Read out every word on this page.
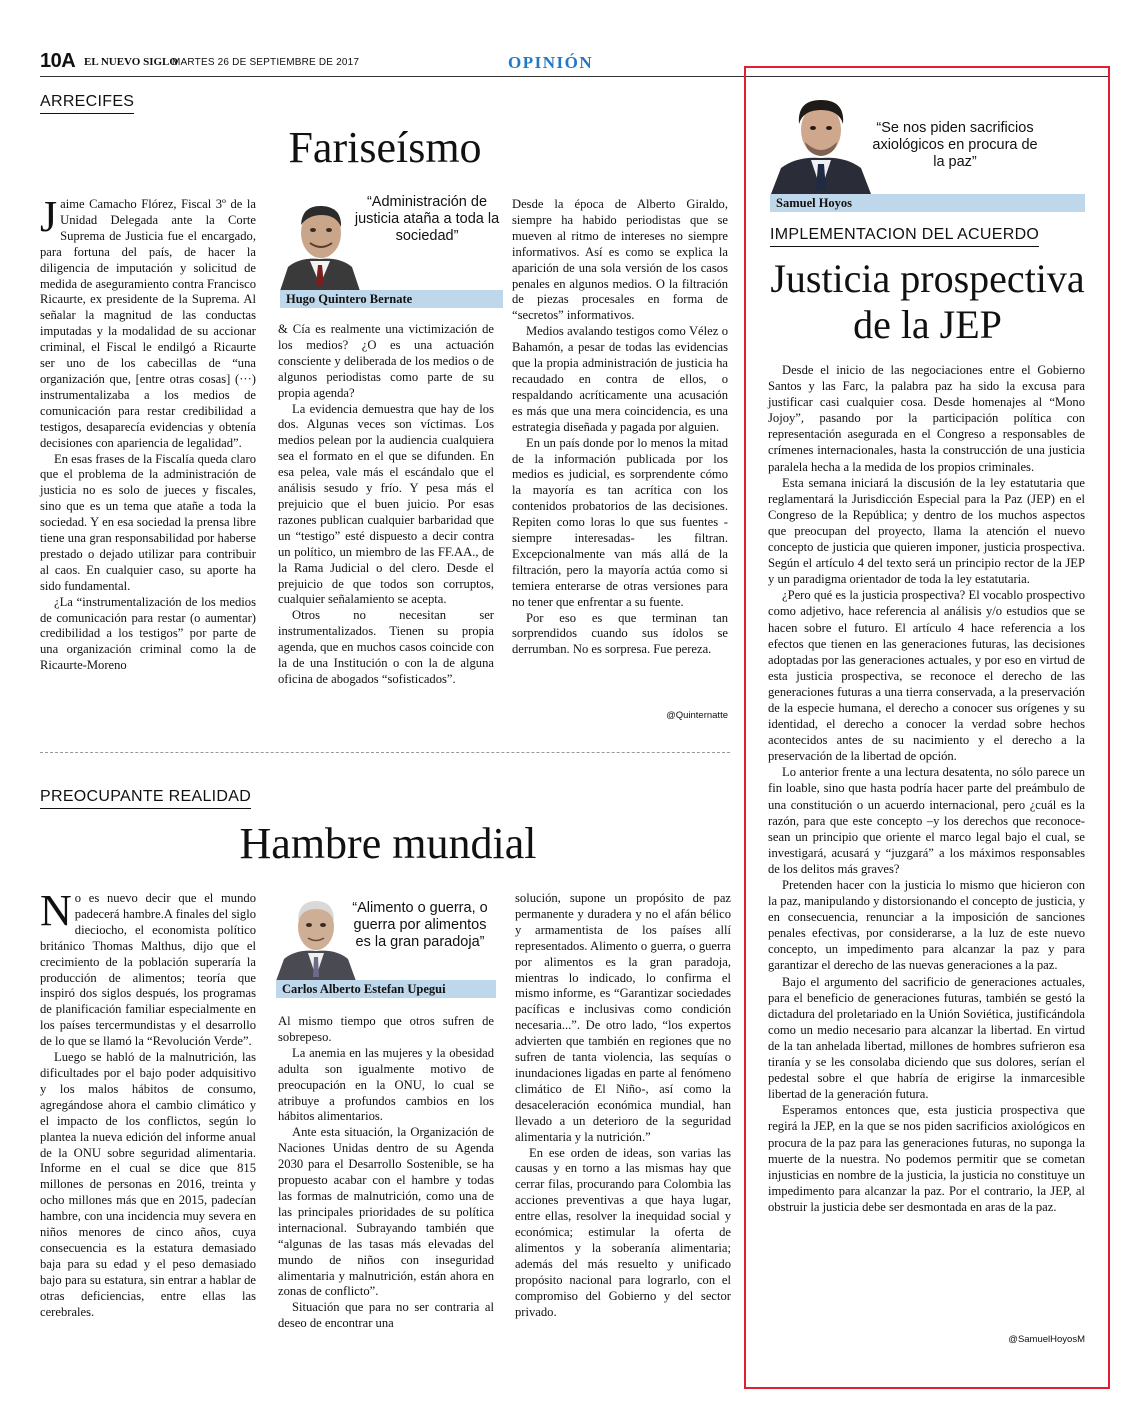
10A EL NUEVO SIGLO
MARTES 26 DE SEPTIEMBRE DE 2017	OPINIÓN
ARRECIFES
Fariseísmo
“Administración de justicia ataña a toda la sociedad”
Hugo Quintero Bernate

Jaime Camacho Flórez, Fiscal 3º de la Unidad Delegada ante la Corte Suprema de Justicia fue el encargado, para fortuna del país, de hacer la diligencia de imputación y solicitud de medida de aseguramiento contra Francisco Ricaurte, ex presidente de la Suprema. Al señalar la magnitud de las conductas imputadas y la modalidad de su accionar criminal, el Fiscal le endilgó a Ricaurte ser uno de los cabecillas de “una organización que, [entre otras cosas] (···) instrumentalizaba a los medios de comunicación para restar credibilidad a testigos, desaparecía evidencias y obtenía decisiones con apariencia de legalidad”.

En esas frases de la Fiscalía queda claro que el problema de la administración de justicia no es solo de jueces y fiscales, sino que es un tema que atañe a toda la sociedad. Y en esa sociedad la prensa libre tiene una gran responsabilidad por haberse prestado o dejado utilizar para contribuir al caos. En cualquier caso, su aporte ha sido fundamental.

¿La “instrumentalización de los medios de comunicación para restar (o aumentar) credibilidad a los testigos” por parte de una organización criminal como la de Ricaurte-Moreno

& Cía es realmente una victimización de los medios? ¿O es una actuación consciente y deliberada de los medios o de algunos periodistas como parte de su propia agenda?

La evidencia demuestra que hay de los dos. Algunas veces son víctimas. Los medios pelean por la audiencia cualquiera sea el formato en el que se difunden. En esa pelea, vale más el escándalo que el análisis sesudo y frío. Y pesa más el prejuicio que el buen juicio. Por esas razones publican cualquier barbaridad que un “testigo” esté dispuesto a decir contra un político, un miembro de las FF.AA., de la Rama Judicial o del clero. Desde el prejuicio de que todos son corruptos, cualquier señalamiento se acepta.

Otros no necesitan ser instrumentalizados. Tienen su propia agenda, que en muchos casos coincide con la de una Institución o con la de alguna oficina de abogados “sofisticados”.

Desde la época de Alberto Giraldo, siempre ha habido periodistas que se mueven al ritmo de intereses no siempre informativos. Así es como se explica la aparición de una sola versión de los casos penales en algunos medios. O la filtración de piezas procesales en forma de “secretos” informativos.

Medios avalando testigos como Vélez o Bahamón, a pesar de todas las evidencias que la propia administración de justicia ha recaudado en contra de ellos, o respaldando acríticamente una acusación es más que una mera coincidencia, es una estrategia diseñada y pagada por alguien.

En un país donde por lo menos la mitad de la información publicada por los medios es judicial, es sorprendente cómo la mayoría es tan acrítica con los contenidos probatorios de las decisiones. Repiten como loras lo que sus fuentes -siempre interesadas- les filtran. Excepcionalmente van más allá de la filtración, pero la mayoría actúa como si temiera enterarse de otras versiones para no tener que enfrentar a su fuente.

Por eso es que terminan tan sorprendidos cuando sus ídolos se derrumban. No es sorpresa. Fue pereza.

@Quinternatte
PREOCUPANTE REALIDAD
Hambre mundial
“Alimento o guerra, o guerra por alimentos es la gran paradoja”
Carlos Alberto Estefan Upegui

No es nuevo decir que el mundo padecerá hambre.A finales del siglo dieciocho, el economista político británico Thomas Malthus, dijo que el crecimiento de la población superaría la producción de alimentos; teoría que inspiró dos siglos después, los programas de planificación familiar especialmente en los países tercermundistas y el desarrollo de lo que se llamó la “Revolución Verde”.

Luego se habló de la malnutrición, las dificultades por el bajo poder adquisitivo y los malos hábitos de consumo, agregándose ahora el cambio climático y el impacto de los conflictos, según lo plantea la nueva edición del informe anual de la ONU sobre seguridad alimentaria. Informe en el cual se dice que 815 millones de personas en 2016, treinta y ocho millones más que en 2015, padecían hambre, con una incidencia muy severa en niños menores de cinco años, cuya consecuencia es la estatura demasiado baja para su edad y el peso demasiado bajo para su estatura, sin entrar a hablar de otras deficiencias, entre ellas las cerebrales.

Al mismo tiempo que otros sufren de sobrepeso.

La anemia en las mujeres y la obesidad adulta son igualmente motivo de preocupación en la ONU, lo cual se atribuye a profundos cambios en los hábitos alimentarios.

Ante esta situación, la Organización de Naciones Unidas dentro de su Agenda 2030 para el Desarrollo Sostenible, se ha propuesto acabar con el hambre y todas las formas de malnutrición, como una de las principales prioridades de su política internacional. Subrayando también que “algunas de las tasas más elevadas del mundo de niños con inseguridad alimentaria y malnutrición, están ahora en zonas de conflicto”.

Situación que para no ser contraria al deseo de encontrar una

solución, supone un propósito de paz permanente y duradera y no el afán bélico y armamentista de los países allí representados. Alimento o guerra, o guerra por alimentos es la gran paradoja, mientras lo indicado, lo confirma el mismo informe, es “Garantizar sociedades pacíficas e inclusivas como condición necesaria...”. De otro lado, “los expertos advierten que también en regiones que no sufren de tanta violencia, las sequías o inundaciones ligadas en parte al fenómeno climático de El Niño-, así como la desaceleración económica mundial, han llevado a un deterioro de la seguridad alimentaria y la nutrición.”

En ese orden de ideas, son varias las causas y en torno a las mismas hay que cerrar filas, procurando para Colombia las acciones preventivas a que haya lugar, entre ellas, resolver la inequidad social y económica; estimular la oferta de alimentos y la soberanía alimentaria; además del más resuelto y unificado propósito nacional para lograrlo, con el compromiso del Gobierno y del sector privado.

“Se nos piden sacrificios axiológicos en procura de la paz”
Samuel Hoyos
IMPLEMENTACION DEL ACUERDO
Justicia prospectiva
de la JEP

Desde el inicio de las negociaciones entre el Gobierno Santos y las Farc, la palabra paz ha sido la excusa para justificar casi cualquier cosa. Desde homenajes al “Mono Jojoy”, pasando por la participación política con representación asegurada en el Congreso a responsables de crímenes internacionales, hasta la construcción de una justicia paralela hecha a la medida de los propios criminales.

Esta semana iniciará la discusión de la ley estatutaria que reglamentará la Jurisdicción Especial para la Paz (JEP) en el Congreso de la República; y dentro de los muchos aspectos que preocupan del proyecto, llama la atención el nuevo concepto de justicia que quieren imponer, justicia prospectiva. Según el artículo 4 del texto será un principio rector de la JEP y un paradigma orientador de toda la ley estatutaria.

¿Pero qué es la justicia prospectiva? El vocablo prospectivo como adjetivo, hace referencia al análisis y/o estudios que se hacen sobre el futuro. El artículo 4 hace referencia a los efectos que tienen en las generaciones futuras, las decisiones adoptadas por las generaciones actuales, y por eso en virtud de esta justicia prospectiva, se reconoce el derecho de las generaciones futuras a una tierra conservada, a la preservación de la especie humana, el derecho a conocer sus orígenes y su identidad, el derecho a conocer la verdad sobre hechos acontecidos antes de su nacimiento y el derecho a la preservación de la libertad de opción.

Lo anterior frente a una lectura desatenta, no sólo parece un fin loable, sino que hasta podría hacer parte del preámbulo de una constitución o un acuerdo internacional, pero ¿cuál es la razón, para que este concepto –y los derechos que reconoce- sean un principio que oriente el marco legal bajo el cual, se investigará, acusará y “juzgará” a los máximos responsables de los delitos más graves?

Pretenden hacer con la justicia lo mismo que hicieron con la paz, manipulando y distorsionando el concepto de justicia, y en consecuencia, renunciar a la imposición de sanciones penales efectivas, por considerarse, a la luz de este nuevo concepto, un impedimento para alcanzar la paz y para garantizar el derecho de las nuevas generaciones a la paz.

Bajo el argumento del sacrificio de generaciones actuales, para el beneficio de generaciones futuras, también se gestó la dictadura del proletariado en la Unión Soviética, justificándola como un medio necesario para alcanzar la libertad. En virtud de la tan anhelada libertad, millones de hombres sufrieron esa tiranía y se les consolaba diciendo que sus dolores, serían el pedestal sobre el que habría de erigirse la inmarcesible libertad de la generación futura.

Esperamos entonces que, esta justicia prospectiva que regirá la JEP, en la que se nos piden sacrificios axiológicos en procura de la paz para las generaciones futuras, no suponga la muerte de la nuestra. No podemos permitir que se cometan injusticias en nombre de la justicia, la justicia no constituye un impedimento para alcanzar la paz. Por el contrario, la JEP, al obstruir la justicia debe ser desmontada en aras de la paz.

@SamuelHoyosM
